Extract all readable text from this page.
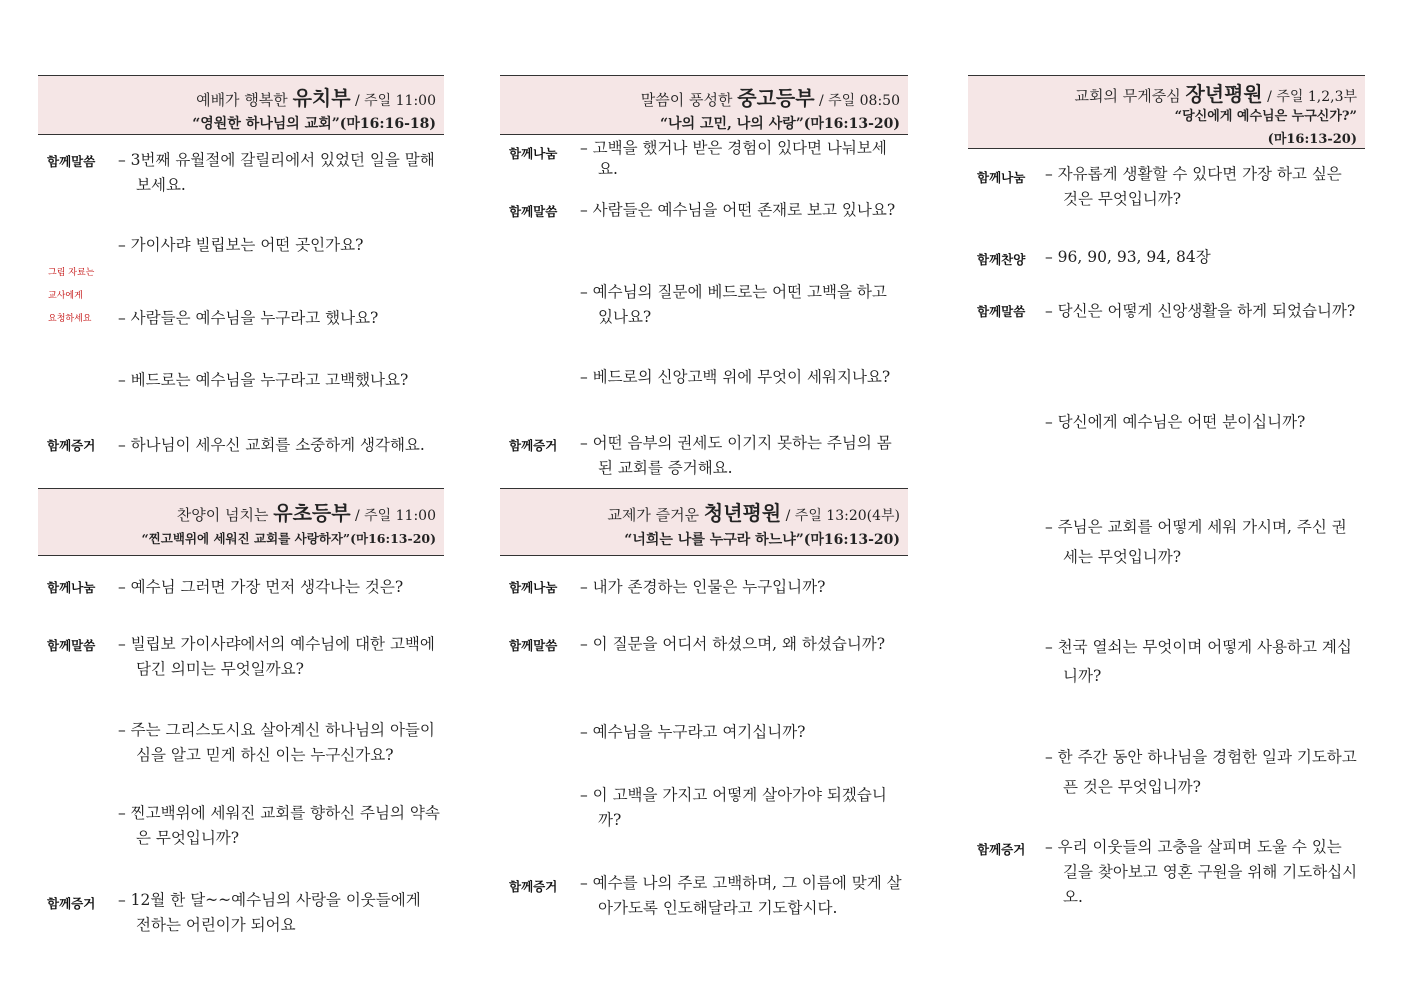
예배가 행복한 유치부 / 주일 11:00
“영원한 하나님의 교회”(마16:16-18)
함께말씀
함께증거
그림 자료는
교사에게
요청하세요
– 3번째 유월절에 갈릴리에서 있었던 일을 말해보세요.
– 가이사랴 빌립보는 어떤 곳인가요?
– 사람들은 예수님을 누구라고 했나요?
– 베드로는 예수님을 누구라고 고백했나요?
– 하나님이 세우신 교회를 소중하게 생각해요.
찬양이 넘치는 유초등부 / 주일 11:00
“찐고백위에 세워진 교회를 사랑하자”(마16:13-20)
함께나눔
함께말씀
함께증거
– 예수님 그러면 가장 먼저 생각나는 것은?
– 빌립보 가이사랴에서의 예수님에 대한 고백에 담긴 의미는 무엇일까요?
– 주는 그리스도시요 살아계신 하나님의 아들이심을 알고 믿게 하신 이는 누구신가요?
– 찐고백위에 세워진 교회를 향하신 주님의 약속은 무엇입니까?
– 12월 한 달~~예수님의 사랑을 이웃들에게 전하는 어린이가 되어요
말씀이 풍성한 중고등부 / 주일 08:50
“나의 고민, 나의 사랑”(마16:13-20)
함께나눔
함께말씀
함께증거
– 고백을 했거나 받은 경험이 있다면 나눠보세요.
– 사람들은 예수님을 어떤 존재로 보고 있나요?
– 예수님의 질문에 베드로는 어떤 고백을 하고 있나요?
– 베드로의 신앙고백 위에 무엇이 세워지나요?
– 어떤 음부의 권세도 이기지 못하는 주님의 몸된 교회를 증거해요.
교제가 즐거운 청년평원 / 주일 13:20(4부)
“너희는 나를 누구라 하느냐”(마16:13-20)
함께나눔
함께말씀
함께증거
– 내가 존경하는 인물은 누구입니까?
– 이 질문을 어디서 하셨으며, 왜 하셨습니까?
– 예수님을 누구라고 여기십니까?
– 이 고백을 가지고 어떻게 살아가야 되겠습니까?
– 예수를 나의 주로 고백하며, 그 이름에 맞게 살아가도록 인도해달라고 기도합시다.
교회의 무게중심 장년평원 / 주일 1,2,3부
“당신에게 예수님은 누구신가?”
(마16:13-20)
함께나눔
함께찬양
함께말씀
함께증거
– 자유롭게 생활할 수 있다면 가장 하고 싶은 것은 무엇입니까?
– 96, 90, 93, 94, 84장
– 당신은 어떻게 신앙생활을 하게 되었습니까?
– 당신에게 예수님은 어떤 분이십니까?
– 주님은 교회를 어떻게 세워 가시며, 주신 권세는 무엇입니까?
– 천국 열쇠는 무엇이며 어떻게 사용하고 계십니까?
– 한 주간 동안 하나님을 경험한 일과 기도하고픈 것은 무엇입니까?
– 우리 이웃들의 고충을 살피며 도울 수 있는 길을 찾아보고 영혼 구원을 위해 기도하십시오.
